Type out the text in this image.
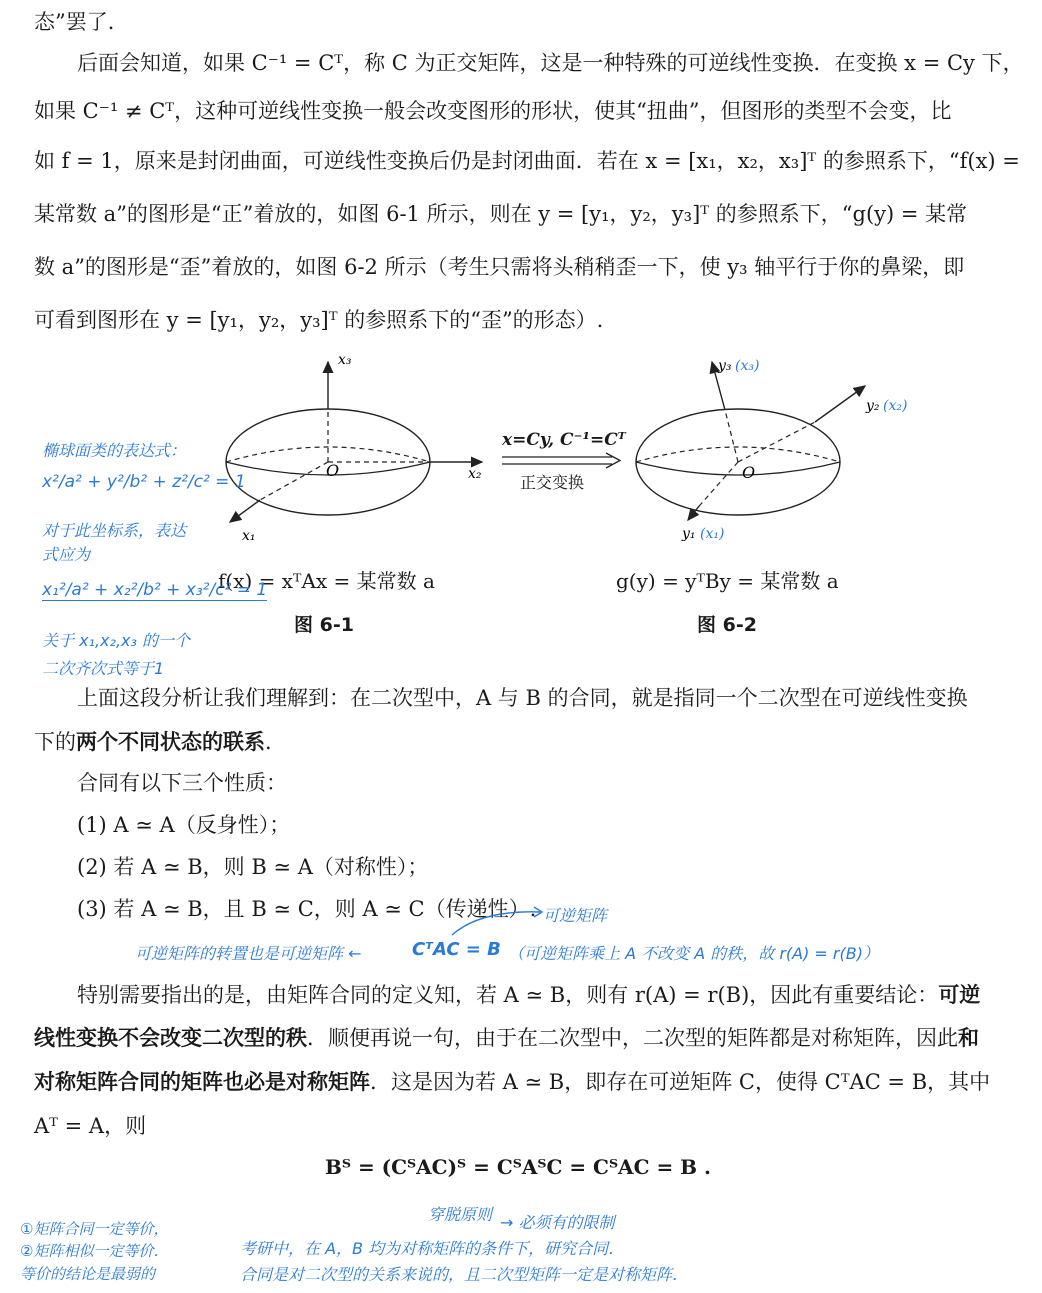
态”罢了．
后面会知道，如果 C⁻¹ = Cᵀ，称 C 为正交矩阵，这是一种特殊的可逆线性变换．在变换 x = Cy 下，
如果 C⁻¹ ≠ Cᵀ，这种可逆线性变换一般会改变图形的形状，使其“扭曲”，但图形的类型不会变，比
如 f = 1，原来是封闭曲面，可逆线性变换后仍是封闭曲面．若在 x = [x₁，x₂，x₃]ᵀ 的参照系下，“f(x) =
某常数 a”的图形是“正”着放的，如图 6-1 所示，则在 y = [y₁，y₂，y₃]ᵀ 的参照系下，“g(y) = 某常
数 a”的图形是“歪”着放的，如图 6-2 所示（考生只需将头稍稍歪一下，使 y₃ 轴平行于你的鼻梁，即
可看到图形在 y = [y₁，y₂，y₃]ᵀ 的参照系下的“歪”的形态）.
x₃
x₂
x₁
O
x=Cy, C⁻¹=Cᵀ
正交变换
O
y₃ (x₃)
y₂ (x₂)
y₁ (x₁)
f(x) = xᵀAx = 某常数 a	g(y) = yᵀBy = 某常数 a
图 6-1	图 6-2
椭球面类的表达式：
x²/a² + y²/b² + z²/c² = 1
对于此坐标系，表达
式应为
x₁²/a² + x₂²/b² + x₃²/c² = 1
关于 x₁,x₂,x₃ 的一个
二次齐次式等于1
上面这段分析让我们理解到：在二次型中，A 与 B 的合同，就是指同一个二次型在可逆线性变换
下的两个不同状态的联系．
合同有以下三个性质：
(1) A ≃ A（反身性）；
(2) 若 A ≃ B，则 B ≃ A（对称性）；
(3) 若 A ≃ B，且 B ≃ C，则 A ≃ C（传递性）. 可逆矩阵
可逆矩阵的转置也是可逆矩阵 ←	CᵀAC = B （可逆矩阵乘上 A 不改变 A 的秩，故 r(A) = r(B)）
特别需要指出的是，由矩阵合同的定义知，若 A ≃ B，则有 r(A) = r(B)，因此有重要结论：可逆
线性变换不会改变二次型的秩．顺便再说一句，由于在二次型中，二次型的矩阵都是对称矩阵，因此和
对称矩阵合同的矩阵也必是对称矩阵．这是因为若 A ≃ B，即存在可逆矩阵 C，使得 CᵀAC = B，其中
Aᵀ = A，则
Bᵀ = (CᵀAC)ᵀ = CᵀAᵀC = CᵀAC = B .
①矩阵合同一定等价，
②矩阵相似一定等价．
等价的结论是最弱的
穿脱原则 → 必须有的限制
考研中，在 A，B 均为对称矩阵的条件下，研究合同．
合同是对二次型的关系来说的，且二次型矩阵一定是对称矩阵．
